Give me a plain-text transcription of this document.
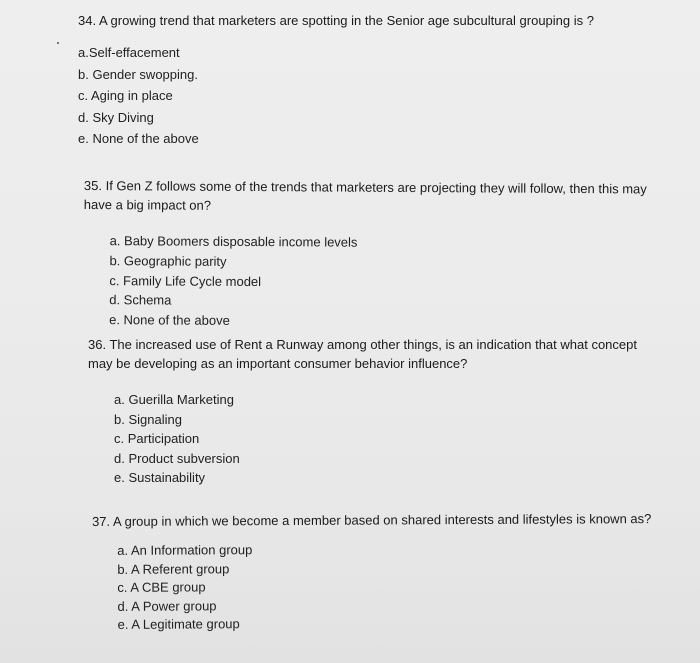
34. A growing trend that marketers are spotting in the Senior age subcultural grouping is ?

a.Self-effacement
b. Gender swopping.
c. Aging in place
d. Sky Diving
e. None of the above

35. If Gen Z follows some of the trends that marketers are projecting they will follow, then this may have a big impact on?

a. Baby Boomers disposable income levels
b. Geographic parity
c. Family Life Cycle model
d. Schema
e. None of the above

36. The increased use of Rent a Runway among other things, is an indication that what concept may be developing as an important consumer behavior influence?

a. Guerilla Marketing
b. Signaling
c. Participation
d. Product subversion
e. Sustainability

37. A group in which we become a member based on shared interests and lifestyles is known as?

a. An Information group
b. A Referent group
c. A CBE group
d. A Power group
e. A Legitimate group
